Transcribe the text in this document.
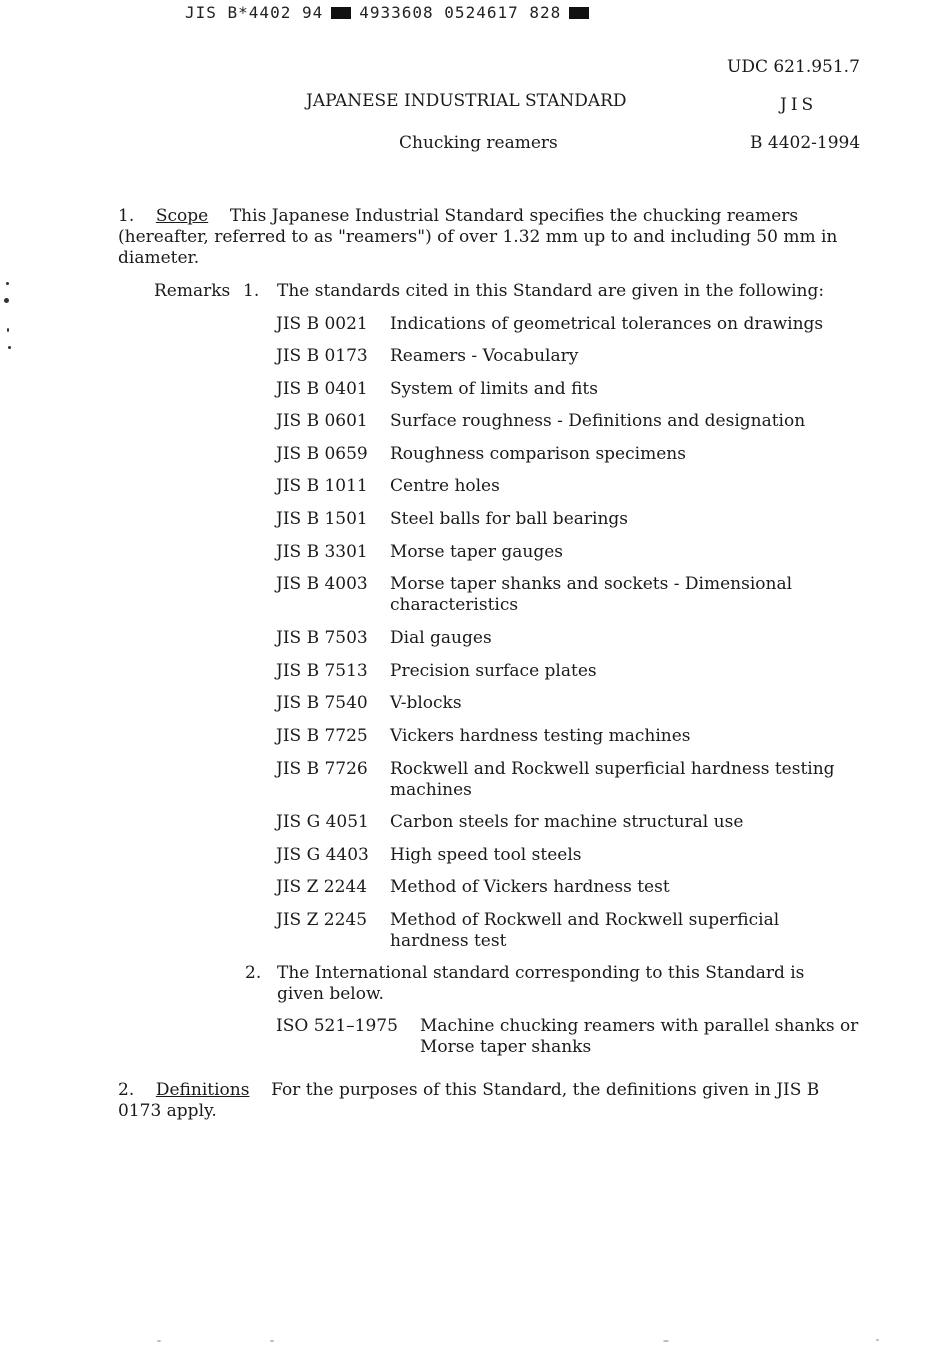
JIS B*4402 94 4933608 0524617 828
UDC 621.951.7
JAPANESE INDUSTRIAL STANDARD	JIS
Chucking reamers	B 4402-1994
1. Scope This Japanese Industrial Standard specifies the chucking reamers (hereafter, referred to as "reamers") of over 1.32 mm up to and including 50 mm in diameter.
Remarks 1. The standards cited in this Standard are given in the following:
JIS B 0021 Indications of geometrical tolerances on drawings
JIS B 0173 Reamers - Vocabulary
JIS B 0401 System of limits and fits
JIS B 0601 Surface roughness - Definitions and designation
JIS B 0659 Roughness comparison specimens
JIS B 1011 Centre holes
JIS B 1501 Steel balls for ball bearings
JIS B 3301 Morse taper gauges
JIS B 4003 Morse taper shanks and sockets - Dimensional characteristics
JIS B 7503 Dial gauges
JIS B 7513 Precision surface plates
JIS B 7540 V-blocks
JIS B 7725 Vickers hardness testing machines
JIS B 7726 Rockwell and Rockwell superficial hardness testing machines
JIS G 4051 Carbon steels for machine structural use
JIS G 4403 High speed tool steels
JIS Z 2244 Method of Vickers hardness test
JIS Z 2245 Method of Rockwell and Rockwell superficial hardness test
2. The International standard corresponding to this Standard is given below.
ISO 521–1975 Machine chucking reamers with parallel shanks or Morse taper shanks
2. Definitions For the purposes of this Standard, the definitions given in JIS B 0173 apply.
